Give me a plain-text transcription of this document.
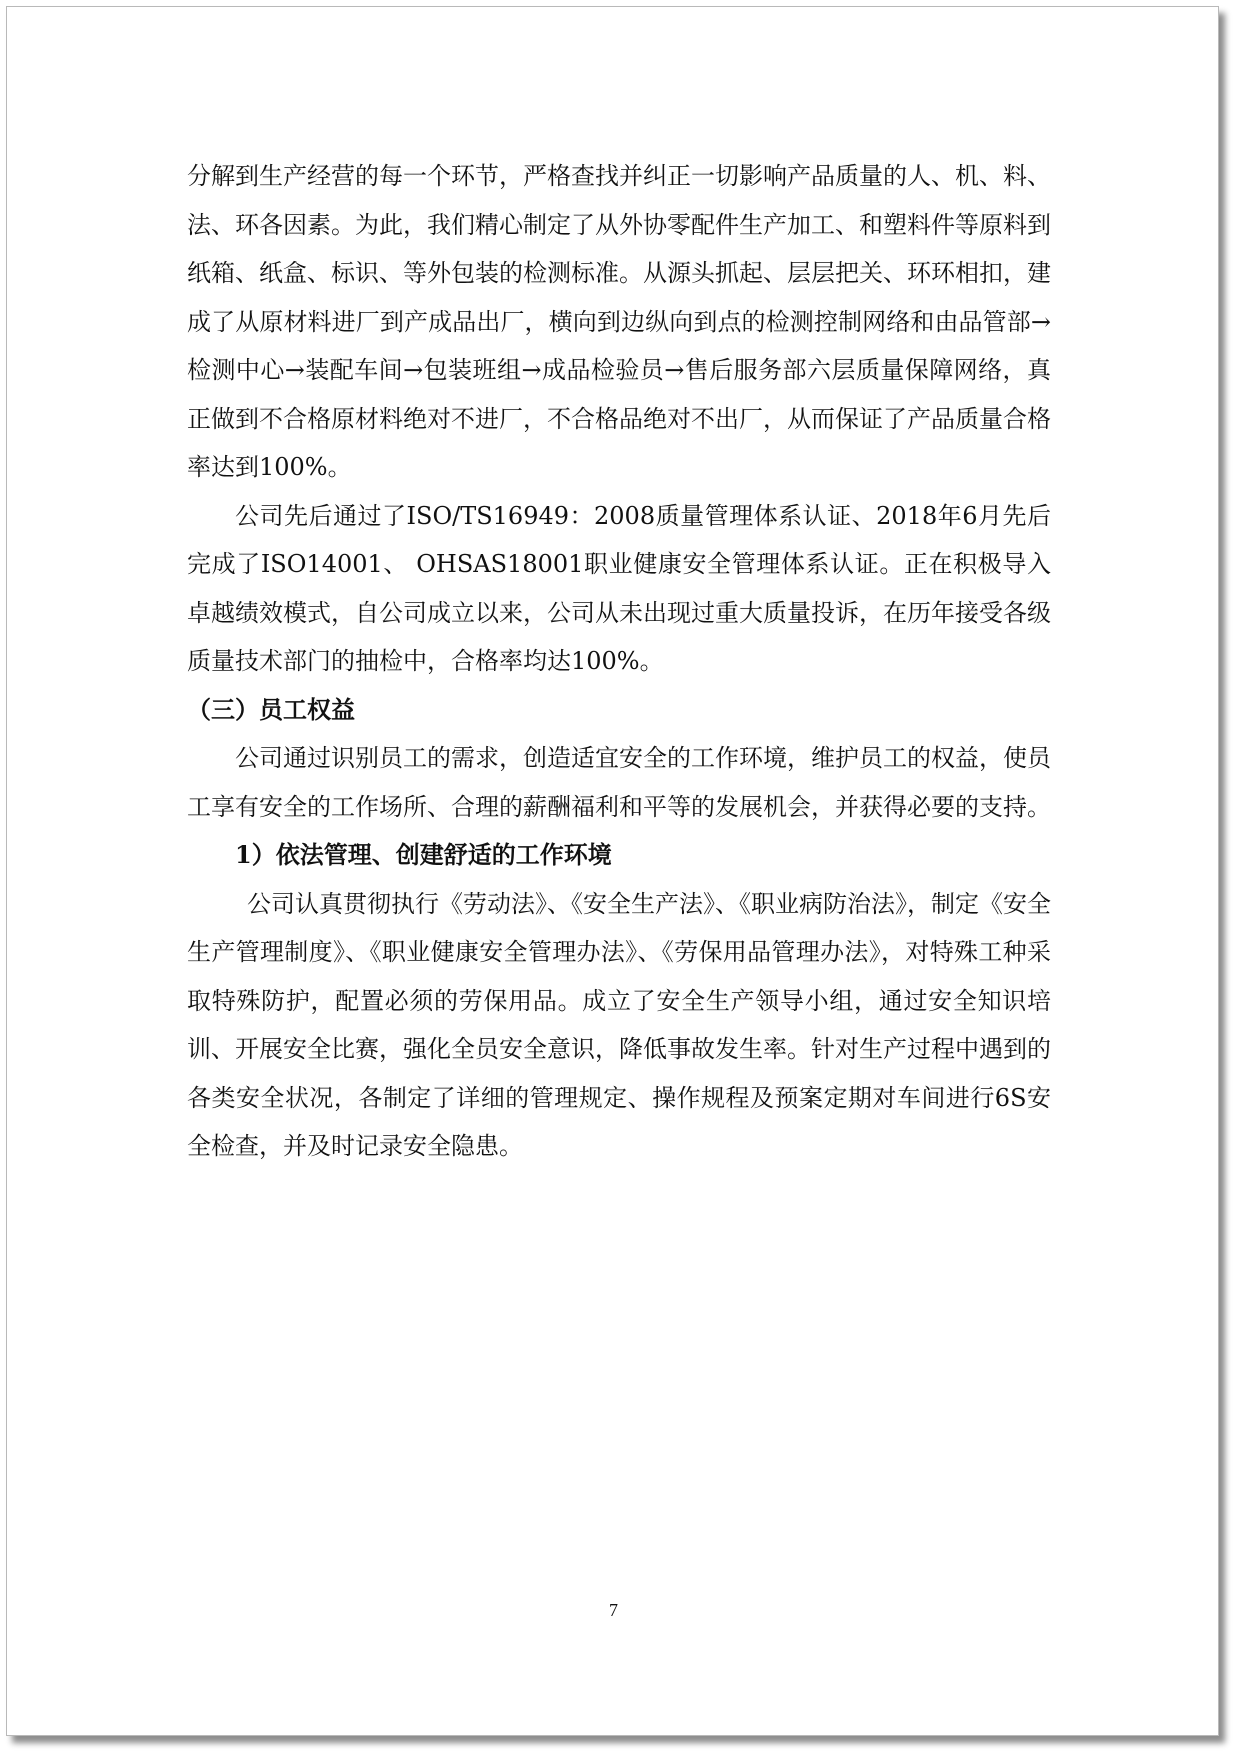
分解到生产经营的每一个环节，严格查找并纠正一切影响产品质量的人、机、料、法、环各因素。为此，我们精心制定了从外协零配件生产加工、和塑料件等原料到纸箱、纸盒、标识、等外包装的检测标准。从源头抓起、层层把关、环环相扣，建成了从原材料进厂到产成品出厂，横向到边纵向到点的检测控制网络和由品管部→检测中心→装配车间→包装班组→成品检验员→售后服务部六层质量保障网络，真正做到不合格原材料绝对不进厂，不合格品绝对不出厂，从而保证了产品质量合格率达到100%。

公司先后通过了ISO/TS16949：2008质量管理体系认证、2018年6月先后完成了ISO14001、 OHSAS18001职业健康安全管理体系认证。正在积极导入卓越绩效模式，自公司成立以来，公司从未出现过重大质量投诉，在历年接受各级质量技术部门的抽检中，合格率均达100%。

（三）员工权益

公司通过识别员工的需求，创造适宜安全的工作环境，维护员工的权益，使员工享有安全的工作场所、合理的薪酬福利和平等的发展机会，并获得必要的支持。

1）依法管理、创建舒适的工作环境

公司认真贯彻执行《劳动法》、《安全生产法》、《职业病防治法》，制定《安全生产管理制度》、《职业健康安全管理办法》、《劳保用品管理办法》，对特殊工种采取特殊防护，配置必须的劳保用品。成立了安全生产领导小组，通过安全知识培训、开展安全比赛，强化全员安全意识，降低事故发生率。针对生产过程中遇到的各类安全状况，各制定了详细的管理规定、操作规程及预案定期对车间进行6S安全检查，并及时记录安全隐患。

7
